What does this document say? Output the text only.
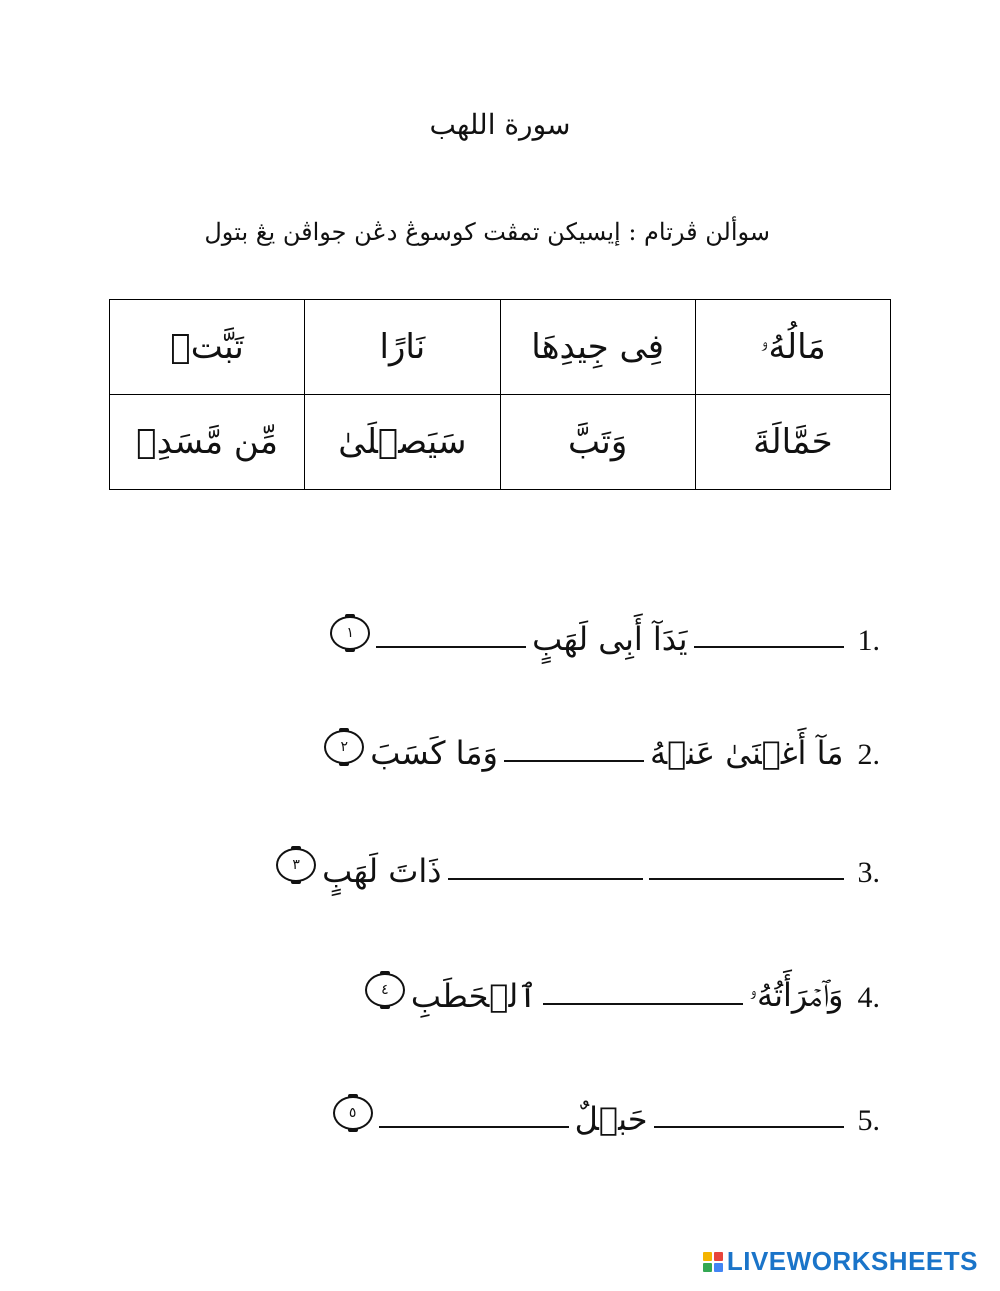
سورة اللهب
سوألن ڤرتام : إيسيكن تمڤت كوسوڠ دڠن جواڤن يڠ بتول
مَالُهُۥ	فِى جِيدِهَا	نَارًا	تَبَّتۡ
حَمَّالَةَ	وَتَبَّ	سَيَصۡلَىٰ	مِّن مَّسَدِۭ
1.
يَدَآ أَبِى لَهَبٍ
١
2.
مَآ أَغۡنَىٰ عَنۡهُ
وَمَا كَسَبَ
٢
3.
ذَاتَ لَهَبٍ
٣
4.
وَٱمۡرَأَتُهُۥ
ٱلۡحَطَبِ
٤
5.
حَبۡلٌ
٥
LIVEWORKSHEETS
